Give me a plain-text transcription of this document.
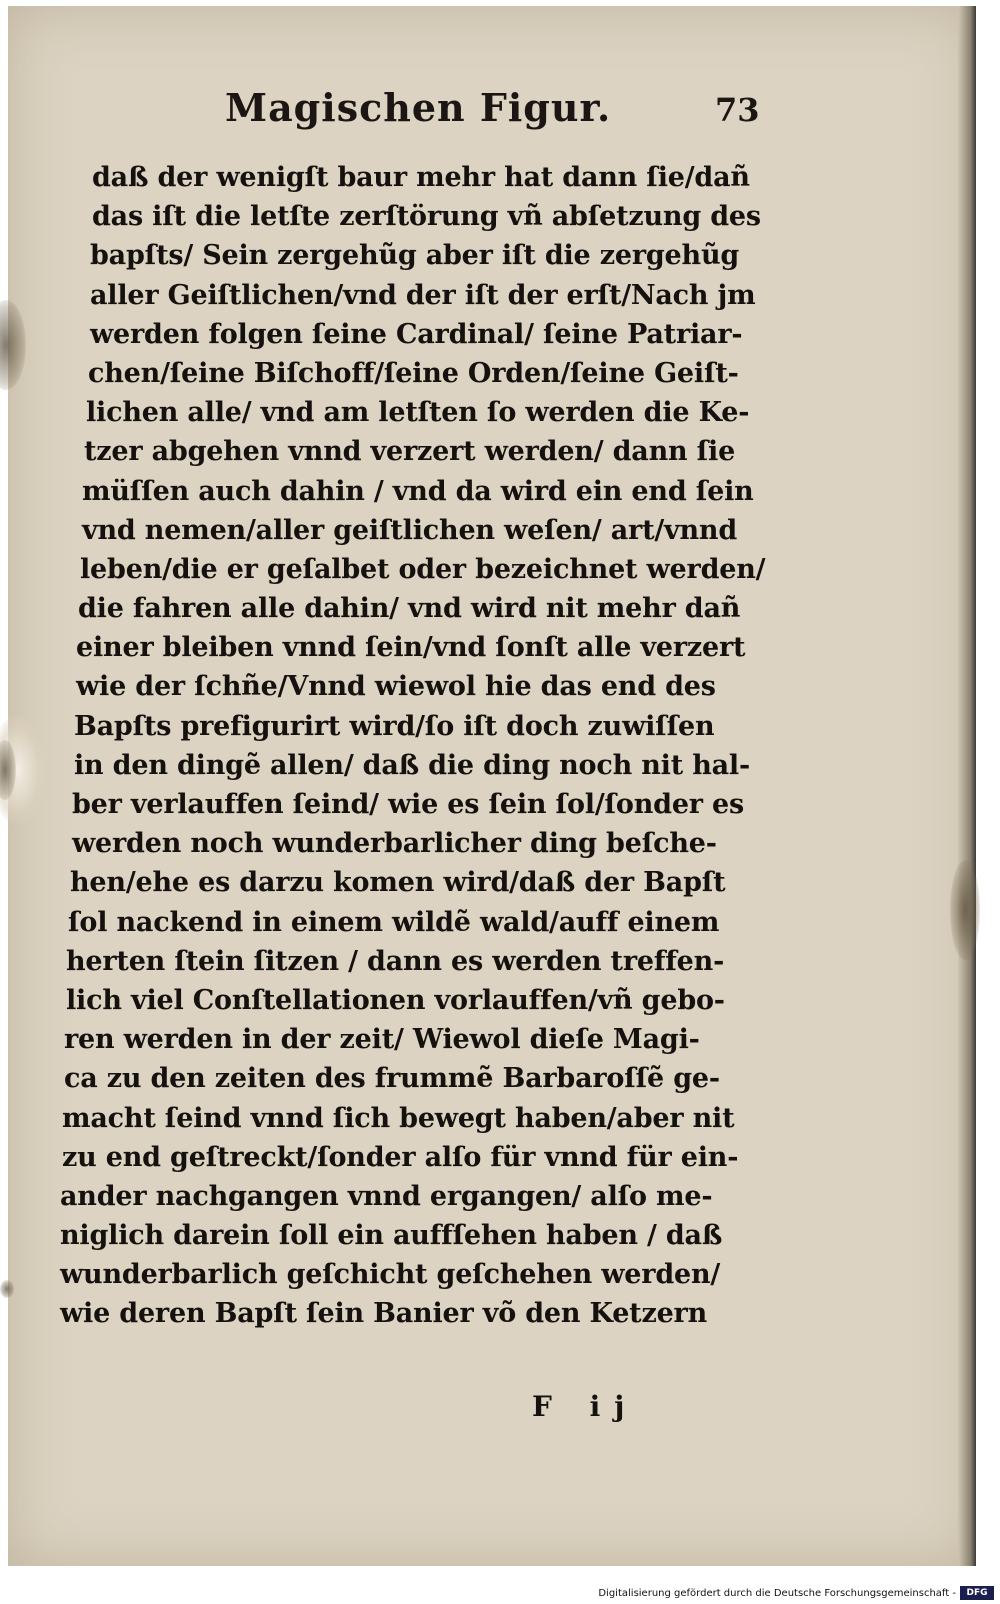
Magischen Figur.	73
daß der wenigſt baur mehr hat dann ſie/dañ
das iſt die letſte zerſtörung vñ abſetzung des
bapſts/ Sein zergehũg aber iſt die zergehũg
aller Geiſtlichen/vnd der iſt der erſt/Nach jm
werden folgen ſeine Cardinal/ ſeine Patriar-
chen/ſeine Biſchoff/ſeine Orden/ſeine Geiſt-
lichen alle/ vnd am letſten ſo werden die Ke-
tzer abgehen vnnd verzert werden/ dann ſie
müſſen auch dahin / vnd da wird ein end ſein
vnd nemen/aller geiſtlichen weſen/ art/vnnd
leben/die er geſalbet oder bezeichnet werden/
die fahren alle dahin/ vnd wird nit mehr dañ
einer bleiben vnnd ſein/vnd ſonſt alle verzert
wie der ſchñe/Vnnd wiewol hie das end des
Bapſts prefigurirt wird/ſo iſt doch zuwiſſen
in den dingẽ allen/ daß die ding noch nit hal-
ber verlauffen ſeind/ wie es ſein ſol/ſonder es
werden noch wunderbarlicher ding beſche-
hen/ehe es darzu komen wird/daß der Bapſt
ſol nackend in einem wildẽ wald/auff einem
herten ſtein ſitzen / dann es werden treffen-
lich viel Conſtellationen vorlauffen/vñ gebo-
ren werden in der zeit/ Wiewol dieſe Magi-
ca zu den zeiten des frummẽ Barbaroſſẽ ge-
macht ſeind vnnd ſich bewegt haben/aber nit
zu end geſtreckt/ſonder alſo für vnnd für ein-
ander nachgangen vnnd ergangen/ alſo me-
niglich darein ſoll ein auffſehen haben / daß
wunderbarlich geſchicht geſchehen werden/
wie deren Bapſt ſein Banier võ den Ketzern
F ij
Digitalisierung gefördert durch die Deutsche Forschungsgemeinschaft -	DFG
